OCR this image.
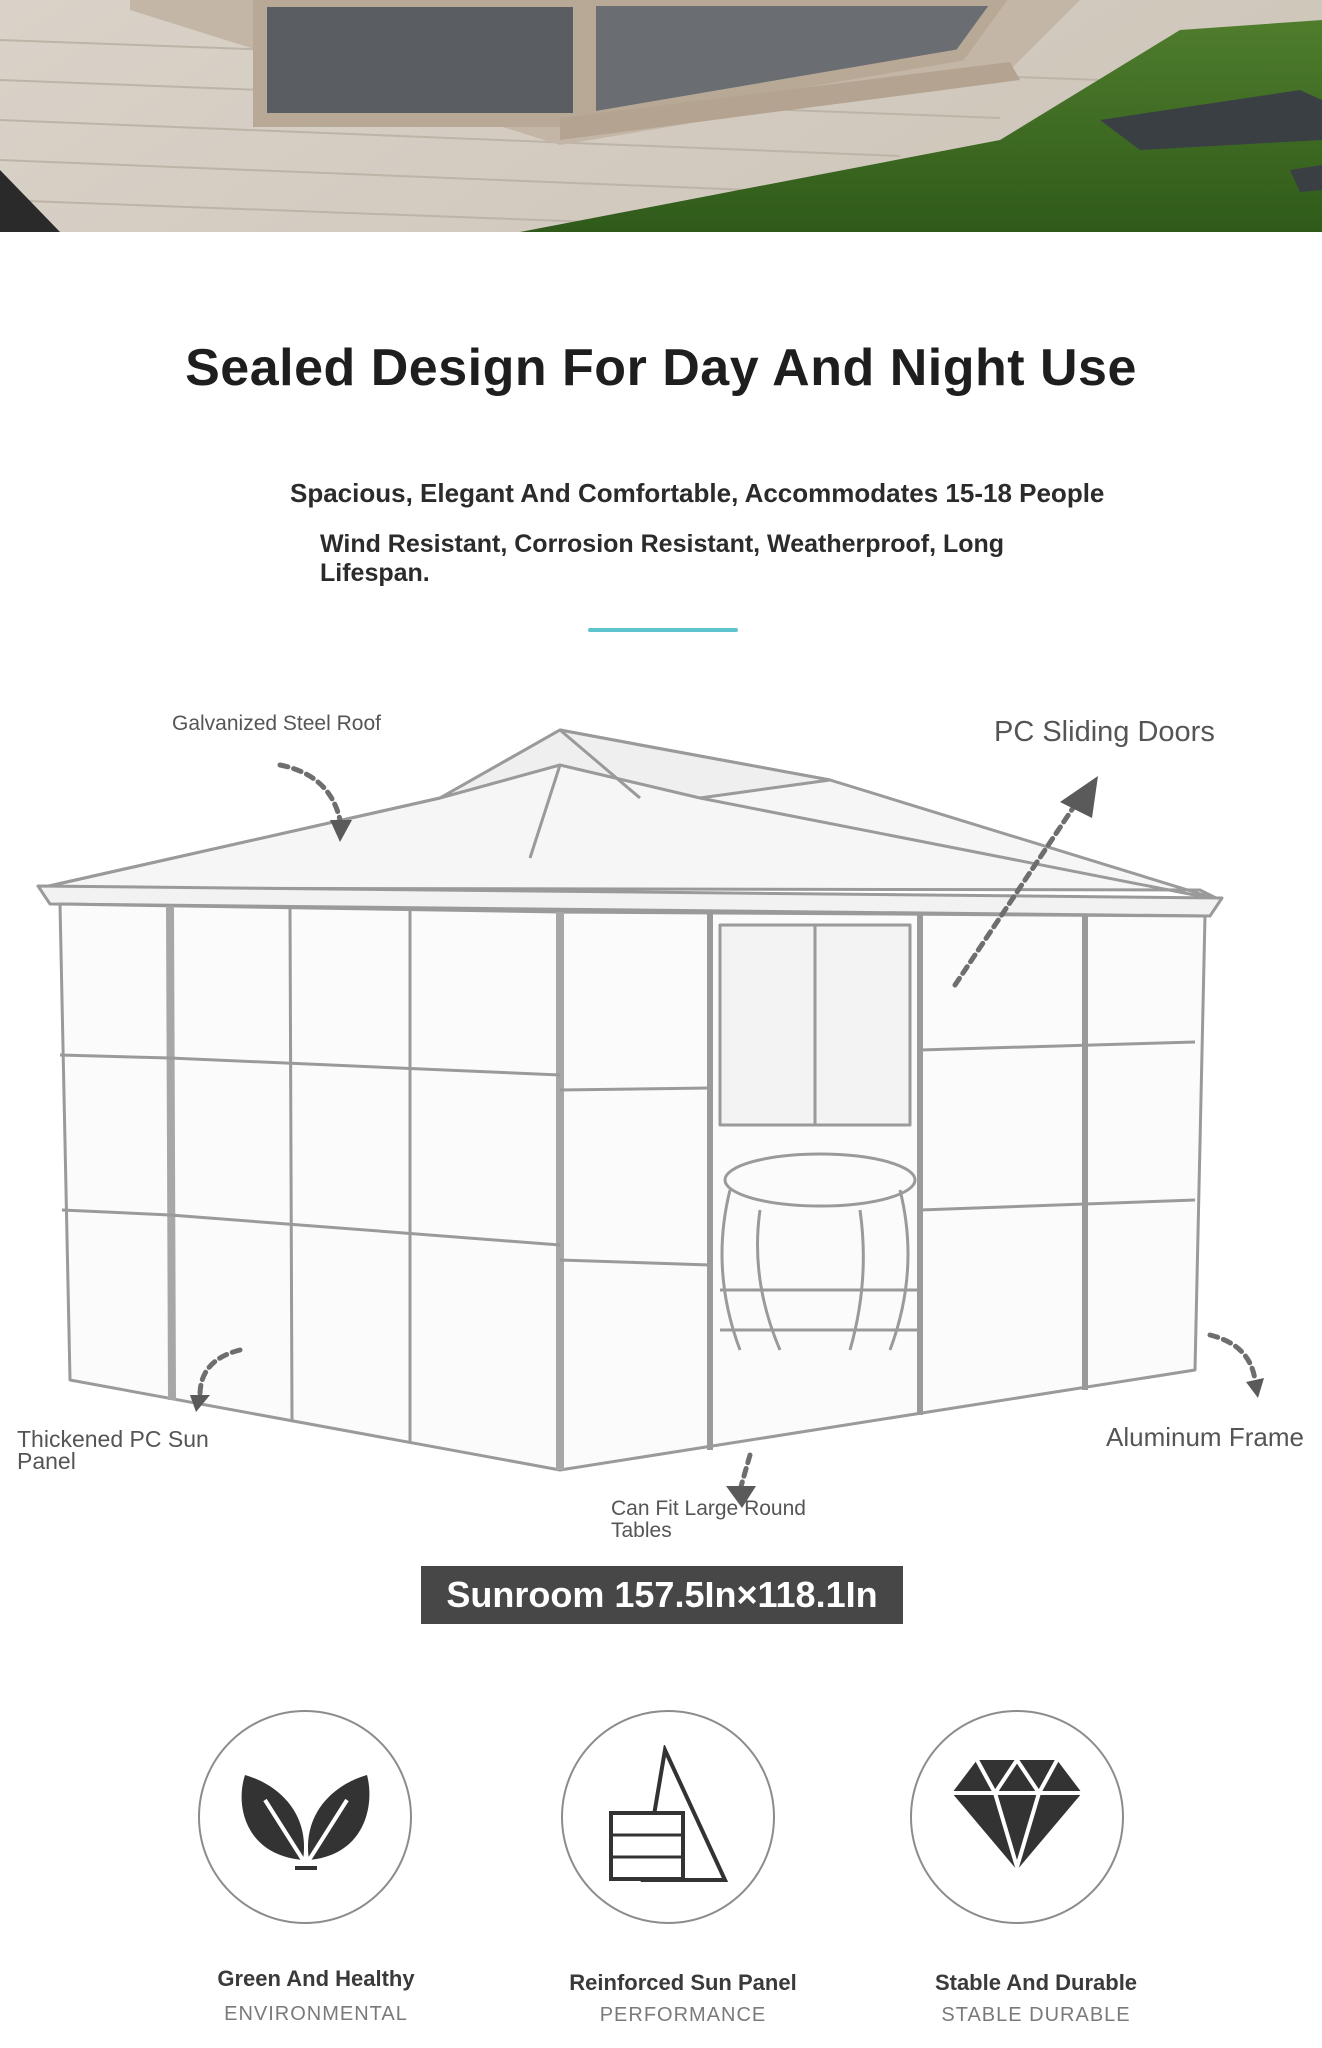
Sealed Design For Day And Night Use
Spacious, Elegant And Comfortable, Accommodates 15-18 People
Wind Resistant, Corrosion Resistant, Weatherproof, Long Lifespan.
Galvanized Steel Roof	PC Sliding Doors
Thickened PC Sun Panel
Aluminum Frame
Can Fit Large Round Tables
Sunroom 157.5In×118.1In
Green And Healthy
ENVIRONMENTAL
Reinforced Sun Panel
PERFORMANCE
Stable And Durable
STABLE DURABLE
